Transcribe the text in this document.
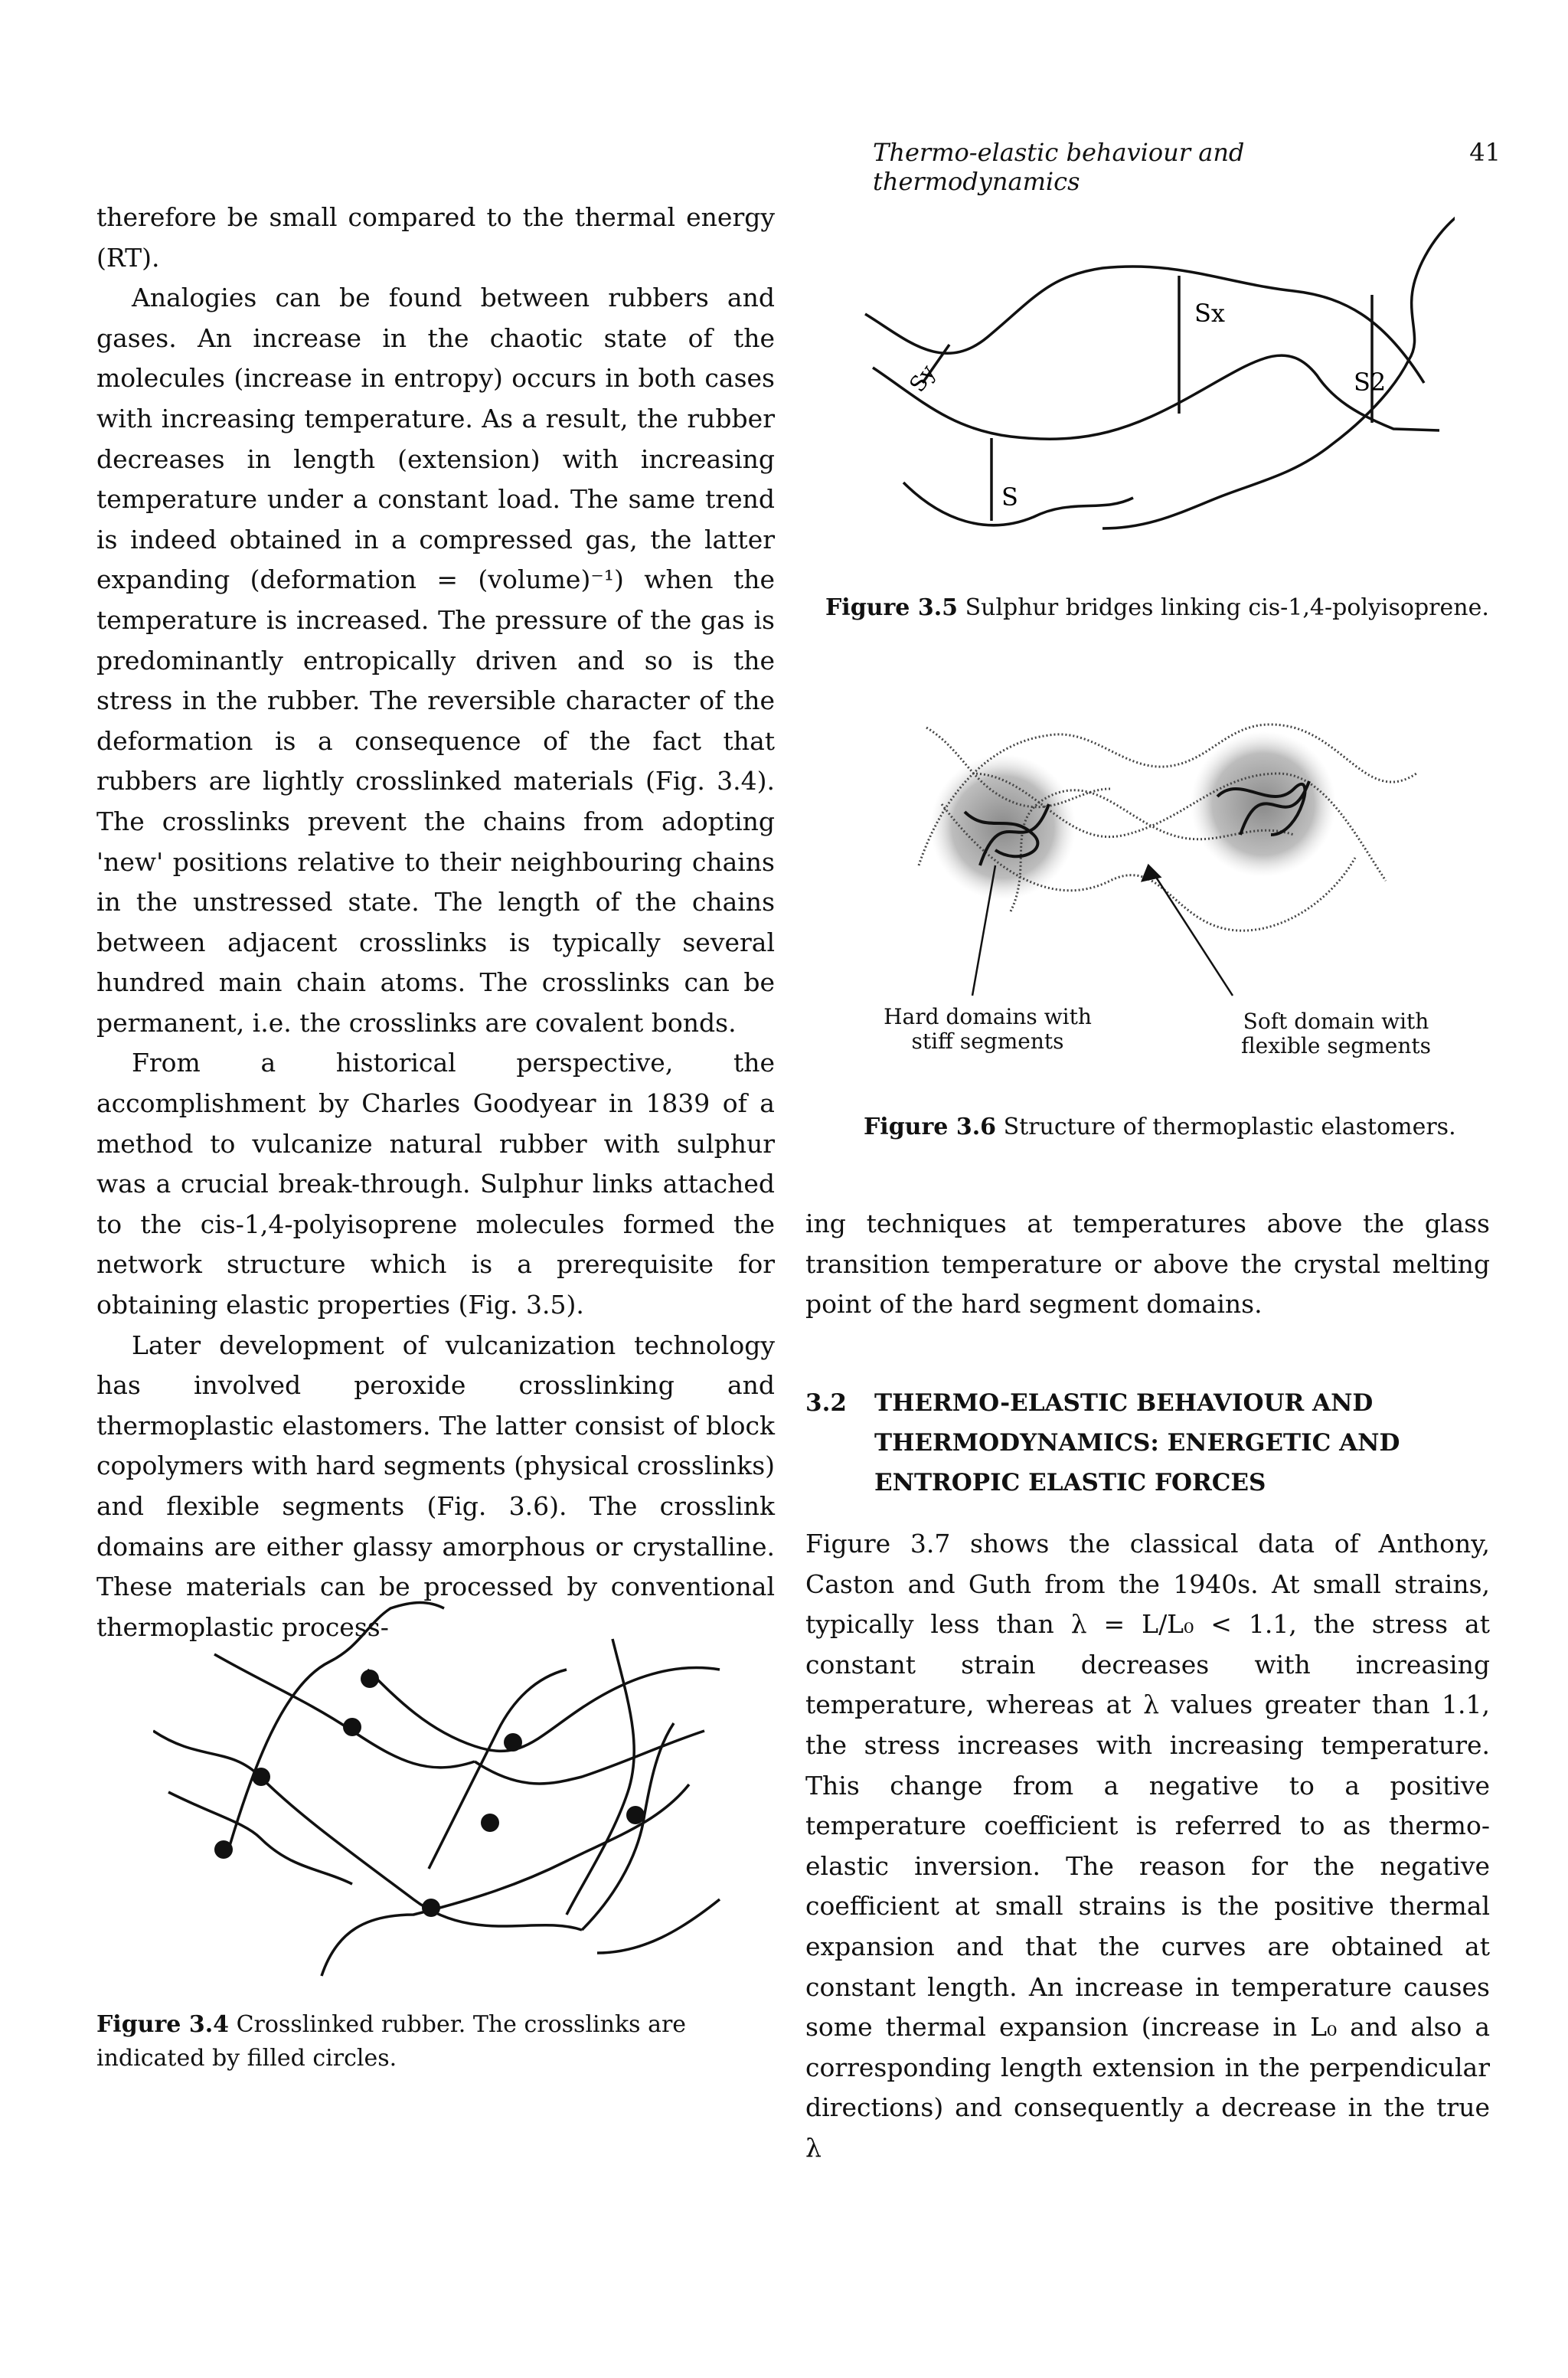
Thermo-elastic behaviour and thermodynamics
41

therefore be small compared to the thermal energy (RT).

Analogies can be found between rubbers and gases. An increase in the chaotic state of the molecules (increase in entropy) occurs in both cases with increasing temperature. As a result, the rubber decreases in length (extension) with increasing temperature under a constant load. The same trend is indeed obtained in a compressed gas, the latter expanding (deformation = (volume)⁻¹) when the temperature is increased. The pressure of the gas is predominantly entropically driven and so is the stress in the rubber. The reversible character of the deformation is a consequence of the fact that rubbers are lightly crosslinked materials (Fig. 3.4). The crosslinks prevent the chains from adopting 'new' positions relative to their neighbouring chains in the unstressed state. The length of the chains between adjacent crosslinks is typically several hundred main chain atoms. The crosslinks can be permanent, i.e. the crosslinks are covalent bonds.

From a historical perspective, the accomplishment by Charles Goodyear in 1839 of a method to vulcanize natural rubber with sulphur was a crucial break-through. Sulphur links attached to the cis-1,4-polyisoprene molecules formed the network structure which is a prerequisite for obtaining elastic properties (Fig. 3.5).

Later development of vulcanization technology has involved peroxide crosslinking and thermoplastic elastomers. The latter consist of block copolymers with hard segments (physical crosslinks) and flexible segments (Fig. 3.6). The crosslink domains are either glassy amorphous or crystalline. These materials can be processed by conventional thermoplastic process-

Sx
S2
S
Sy
Figure 3.5 Sulphur bridges linking cis-1,4-polyisoprene.
Hard domains with
stiff segments
Soft domain with
flexible segments
Figure 3.6 Structure of thermoplastic elastomers.

ing techniques at temperatures above the glass transition temperature or above the crystal melting point of the hard segment domains.

3.2 THERMO-ELASTIC BEHAVIOUR AND THERMODYNAMICS: ENERGETIC AND ENTROPIC ELASTIC FORCES

Figure 3.7 shows the classical data of Anthony, Caston and Guth from the 1940s. At small strains, typically less than λ = L/L₀ < 1.1, the stress at constant strain decreases with increasing temperature, whereas at λ values greater than 1.1, the stress increases with increasing temperature. This change from a negative to a positive temperature coefficient is referred to as thermo-elastic inversion. The reason for the negative coefficient at small strains is the positive thermal expansion and that the curves are obtained at constant length. An increase in temperature causes some thermal expansion (increase in L₀ and also a corresponding length extension in the perpendicular directions) and consequently a decrease in the true λ

Figure 3.4 Crosslinked rubber. The crosslinks are indicated by filled circles.
